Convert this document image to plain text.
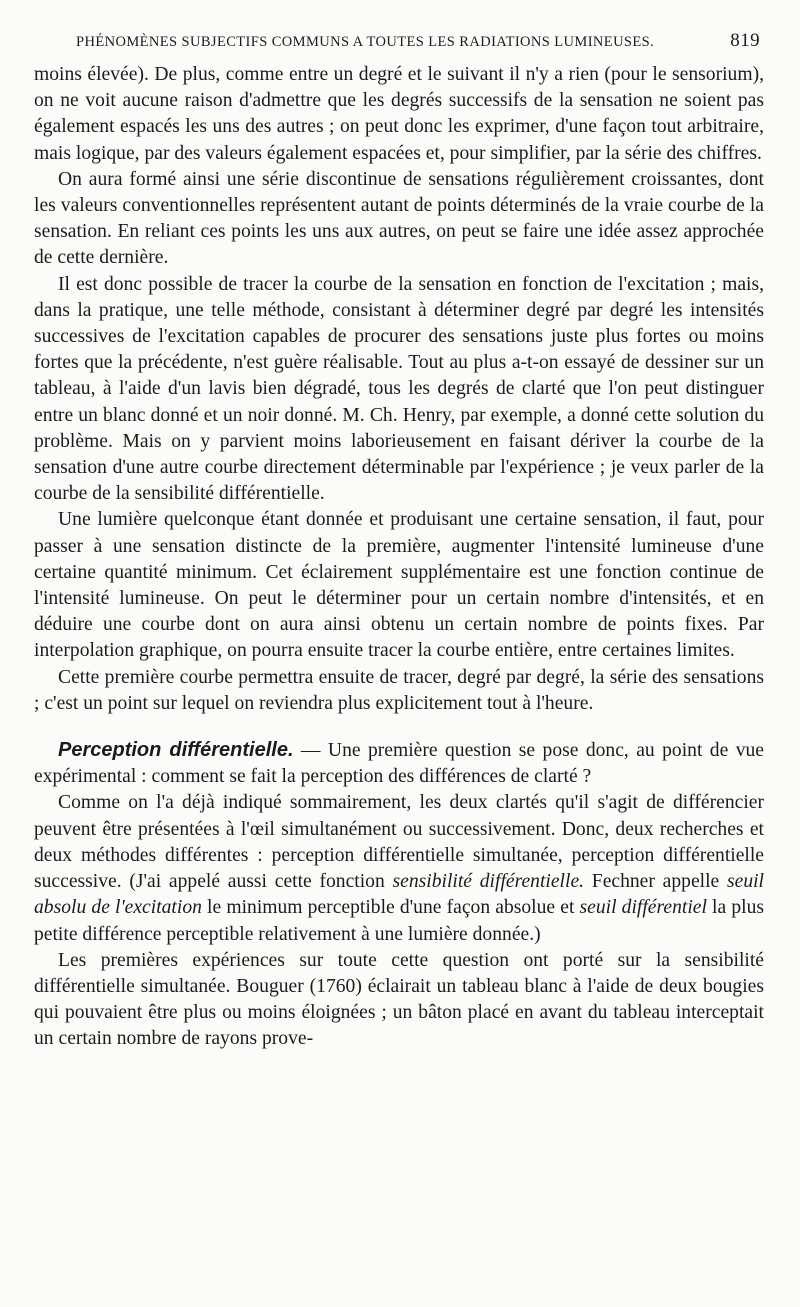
PHÉNOMÈNES SUBJECTIFS COMMUNS A TOUTES LES RADIATIONS LUMINEUSES.	819

moins élevée). De plus, comme entre un degré et le suivant il n'y a rien (pour le sensorium), on ne voit aucune raison d'admettre que les degrés successifs de la sensation ne soient pas également espacés les uns des autres ; on peut donc les exprimer, d'une façon tout arbitraire, mais logique, par des valeurs également espacées et, pour simplifier, par la série des chiffres.

On aura formé ainsi une série discontinue de sensations régulièrement croissantes, dont les valeurs conventionnelles représentent autant de points déterminés de la vraie courbe de la sensation. En reliant ces points les uns aux autres, on peut se faire une idée assez approchée de cette dernière.

Il est donc possible de tracer la courbe de la sensation en fonction de l'excitation ; mais, dans la pratique, une telle méthode, consistant à déterminer degré par degré les intensités successives de l'excitation capables de procurer des sensations juste plus fortes ou moins fortes que la précédente, n'est guère réalisable. Tout au plus a-t-on essayé de dessiner sur un tableau, à l'aide d'un lavis bien dégradé, tous les degrés de clarté que l'on peut distinguer entre un blanc donné et un noir donné. M. Ch. Henry, par exemple, a donné cette solution du problème. Mais on y parvient moins laborieusement en faisant dériver la courbe de la sensation d'une autre courbe directement déterminable par l'expérience ; je veux parler de la courbe de la sensibilité différentielle.

Une lumière quelconque étant donnée et produisant une certaine sensation, il faut, pour passer à une sensation distincte de la première, augmenter l'intensité lumineuse d'une certaine quantité minimum. Cet éclairement supplémentaire est une fonction continue de l'intensité lumineuse. On peut le déterminer pour un certain nombre d'intensités, et en déduire une courbe dont on aura ainsi obtenu un certain nombre de points fixes. Par interpolation graphique, on pourra ensuite tracer la courbe entière, entre certaines limites.

Cette première courbe permettra ensuite de tracer, degré par degré, la série des sensations ; c'est un point sur lequel on reviendra plus explicitement tout à l'heure.

Perception différentielle. — Une première question se pose donc, au point de vue expérimental : comment se fait la perception des différences de clarté ?

Comme on l'a déjà indiqué sommairement, les deux clartés qu'il s'agit de différencier peuvent être présentées à l'œil simultanément ou successivement. Donc, deux recherches et deux méthodes différentes : perception différentielle simultanée, perception différentielle successive. (J'ai appelé aussi cette fonction sensibilité différentielle. Fechner appelle seuil absolu de l'excitation le minimum perceptible d'une façon absolue et seuil différentiel la plus petite différence perceptible relativement à une lumière donnée.)

Les premières expériences sur toute cette question ont porté sur la sensibilité différentielle simultanée. Bouguer (1760) éclairait un tableau blanc à l'aide de deux bougies qui pouvaient être plus ou moins éloignées ; un bâton placé en avant du tableau interceptait un certain nombre de rayons prove-
